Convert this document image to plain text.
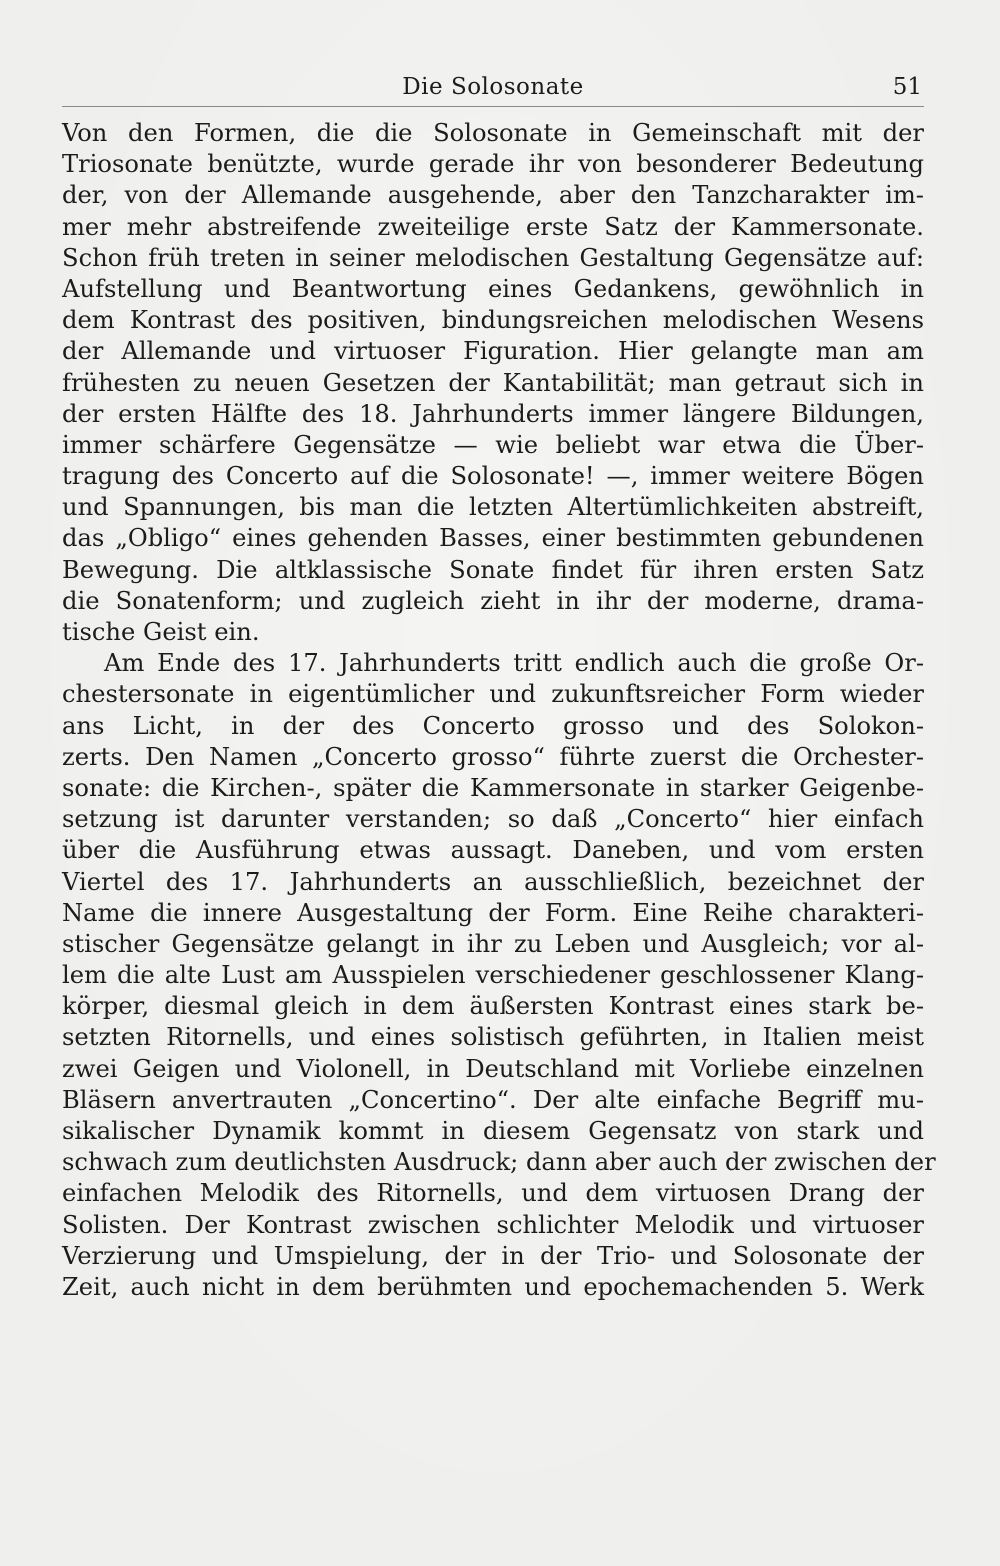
Die Solosonate	51
Von den Formen, die die Solosonate in Gemeinschaft mit der
Triosonate benützte, wurde gerade ihr von besonderer Bedeutung
der, von der Allemande ausgehende, aber den Tanzcharakter im-
mer mehr abstreifende zweiteilige erste Satz der Kammersonate.
Schon früh treten in seiner melodischen Gestaltung Gegensätze auf:
Aufstellung und Beantwortung eines Gedankens, gewöhnlich in
dem Kontrast des positiven, bindungsreichen melodischen Wesens
der Allemande und virtuoser Figuration. Hier gelangte man am
frühesten zu neuen Gesetzen der Kantabilität; man getraut sich in
der ersten Hälfte des 18. Jahrhunderts immer längere Bildungen,
immer schärfere Gegensätze — wie beliebt war etwa die Über-
tragung des Concerto auf die Solosonate! —, immer weitere Bögen
und Spannungen, bis man die letzten Altertümlichkeiten abstreift,
das „Obligo“ eines gehenden Basses, einer bestimmten gebundenen
Bewegung. Die altklassische Sonate findet für ihren ersten Satz
die Sonatenform; und zugleich zieht in ihr der moderne, drama-
tische Geist ein.
Am Ende des 17. Jahrhunderts tritt endlich auch die große Or-
chestersonate in eigentümlicher und zukunftsreicher Form wieder
ans Licht, in der des Concerto grosso und des Solokon-
zerts. Den Namen „Concerto grosso“ führte zuerst die Orchester-
sonate: die Kirchen-, später die Kammersonate in starker Geigenbe-
setzung ist darunter verstanden; so daß „Concerto“ hier einfach
über die Ausführung etwas aussagt. Daneben, und vom ersten
Viertel des 17. Jahrhunderts an ausschließlich, bezeichnet der
Name die innere Ausgestaltung der Form. Eine Reihe charakteri-
stischer Gegensätze gelangt in ihr zu Leben und Ausgleich; vor al-
lem die alte Lust am Ausspielen verschiedener geschlossener Klang-
körper, diesmal gleich in dem äußersten Kontrast eines stark be-
setzten Ritornells, und eines solistisch geführten, in Italien meist
zwei Geigen und Violonell, in Deutschland mit Vorliebe einzelnen
Bläsern anvertrauten „Concertino“. Der alte einfache Begriff mu-
sikalischer Dynamik kommt in diesem Gegensatz von stark und
schwach zum deutlichsten Ausdruck; dann aber auch der zwischen der
einfachen Melodik des Ritornells, und dem virtuosen Drang der
Solisten. Der Kontrast zwischen schlichter Melodik und virtuoser
Verzierung und Umspielung, der in der Trio- und Solosonate der
Zeit, auch nicht in dem berühmten und epochemachenden 5. Werk
